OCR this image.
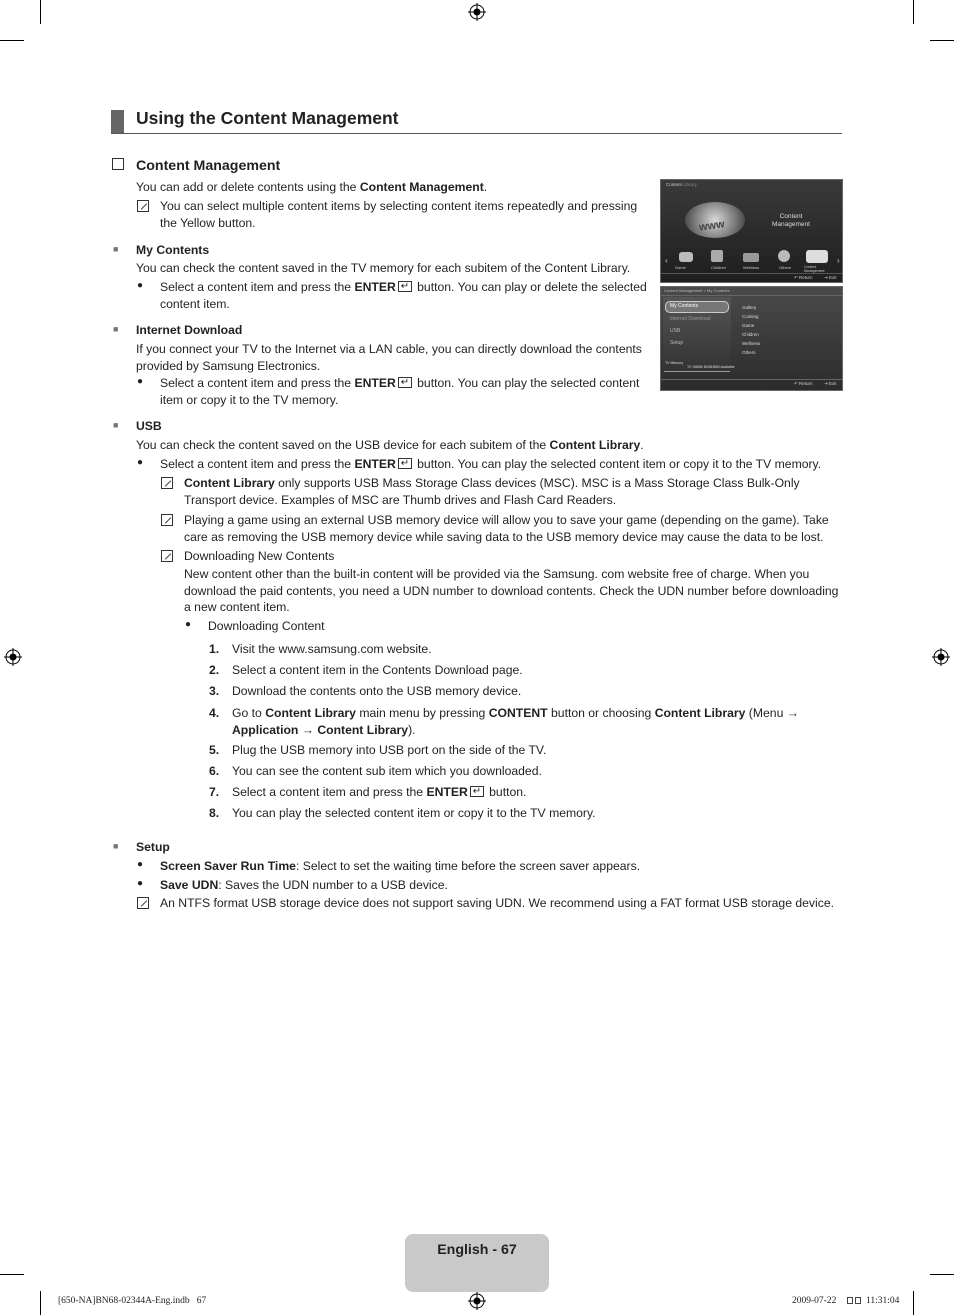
Using the Content Management
Content Management
You can add or delete contents using the Content Management.
You can select multiple content items by selecting content items repeatedly and pressing the Yellow button.
■ My Contents
You can check the content saved in the TV memory for each subitem of the Content Library.
● Select a content item and press the ENTER↵ button. You can play or delete the selected content item.
■ Internet Download
If you connect your TV to the Internet via a LAN cable, you can directly download the contents provided by Samsung Electronics.
● Select a content item and press the ENTER↵ button. You can play the selected content item or copy it to the TV memory.
Content Library
www
Content Management
‹	›
Game	Children	Wellness	Others	Content Management
↶ Return	⇥ Exit
Content Management > My Contents
My Contents
Internet Download
USB
Setup
TV Memory
TC 94MB/ 80/849MB Available
Gallery
Cooking
Game
Children
Wellness
Others
↶ Return	⇥ Exit
■ USB
You can check the content saved on the USB device for each subitem of the Content Library.
● Select a content item and press the ENTER↵ button. You can play the selected content item or copy it to the TV memory.
Content Library only supports USB Mass Storage Class devices (MSC). MSC is a Mass Storage Class Bulk-Only Transport device. Examples of MSC are Thumb drives and Flash Card Readers.
Playing a game using an external USB memory device will allow you to save your game (depending on the game). Take care as removing the USB memory device while saving data to the USB memory device may cause the data to be lost.
Downloading New Contents
New content other than the built-in content will be provided via the Samsung. com website free of charge. When you download the paid contents, you need a UDN number to download contents. Check the UDN number before downloading a new content item.
● Downloading Content
1. Visit the www.samsung.com website.
2. Select a content item in the Contents Download page.
3. Download the contents onto the USB memory device.
4. Go to Content Library main menu by pressing CONTENT button or choosing Content Library (Menu →
Application → Content Library).
5. Plug the USB memory into USB port on the side of the TV.
6. You can see the content sub item which you downloaded.
7. Select a content item and press the ENTER↵ button.
8. You can play the selected content item or copy it to the TV memory.
■ Setup
● Screen Saver Run Time: Select to set the waiting time before the screen saver appears.
● Save UDN: Saves the UDN number to a USB device.
An NTFS format USB storage device does not support saving UDN. We recommend using a FAT format USB storage device.
English - 67
[650-NA]BN68-02344A-Eng.indb   67	2009-07-22	11:31:04
